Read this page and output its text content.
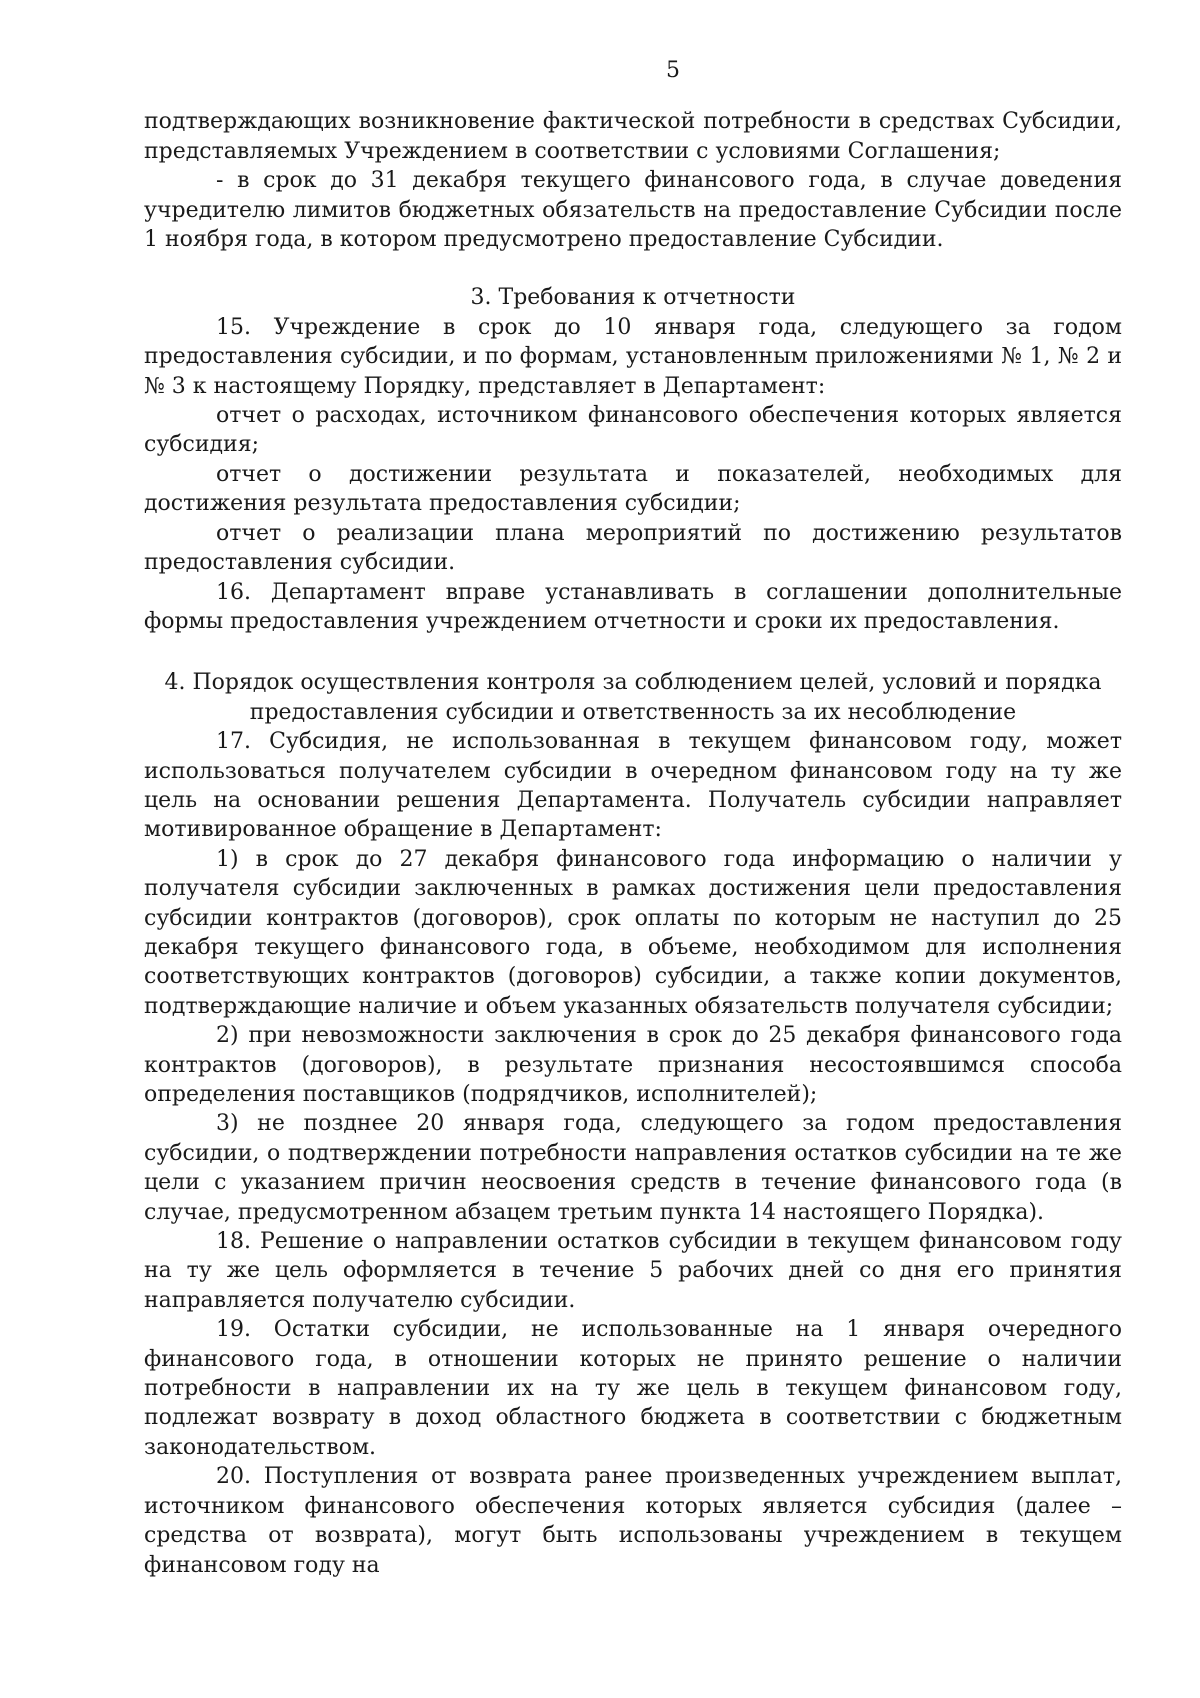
5

подтверждающих возникновение фактической потребности в средствах Субсидии, представляемых Учреждением в соответствии с условиями Соглашения;

- в срок до 31 декабря текущего финансового года, в случае доведения учредителю лимитов бюджетных обязательств на предоставление Субсидии после 1 ноября года, в котором предусмотрено предоставление Субсидии.

3. Требования к отчетности

15. Учреждение в срок до 10 января года, следующего за годом предоставления субсидии, и по формам, установленным приложениями № 1, № 2 и № 3 к настоящему Порядку, представляет в Департамент:

отчет о расходах, источником финансового обеспечения которых является субсидия;

отчет о достижении результата и показателей, необходимых для достижения результата предоставления субсидии;

отчет о реализации плана мероприятий по достижению результатов предоставления субсидии.

16. Департамент вправе устанавливать в соглашении дополнительные формы предоставления учреждением отчетности и сроки их предоставления.

4. Порядок осуществления контроля за соблюдением целей, условий и порядка
предоставления субсидии и ответственность за их несоблюдение

17. Субсидия, не использованная в текущем финансовом году, может использоваться получателем субсидии в очередном финансовом году на ту же цель на основании решения Департамента. Получатель субсидии направляет мотивированное обращение в Департамент:

1) в срок до 27 декабря финансового года информацию о наличии у получателя субсидии заключенных в рамках достижения цели предоставления субсидии контрактов (договоров), срок оплаты по которым не наступил до 25 декабря текущего финансового года, в объеме, необходимом для исполнения соответствующих контрактов (договоров) субсидии, а также копии документов, подтверждающие наличие и объем указанных обязательств получателя субсидии;

2) при невозможности заключения в срок до 25 декабря финансового года контрактов (договоров), в результате признания несостоявшимся способа определения поставщиков (подрядчиков, исполнителей);

3) не позднее 20 января года, следующего за годом предоставления субсидии, о подтверждении потребности направления остатков субсидии на те же цели с указанием причин неосвоения средств в течение финансового года (в случае, предусмотренном абзацем третьим пункта 14 настоящего Порядка).

18. Решение о направлении остатков субсидии в текущем финансовом году на ту же цель оформляется в течение 5 рабочих дней со дня его принятия направляется получателю субсидии.

19. Остатки субсидии, не использованные на 1 января очередного финансового года, в отношении которых не принято решение о наличии потребности в направлении их на ту же цель в текущем финансовом году, подлежат возврату в доход областного бюджета в соответствии с бюджетным законодательством.

20. Поступления от возврата ранее произведенных учреждением выплат, источником финансового обеспечения которых является субсидия (далее – средства от возврата), могут быть использованы учреждением в текущем финансовом году на
